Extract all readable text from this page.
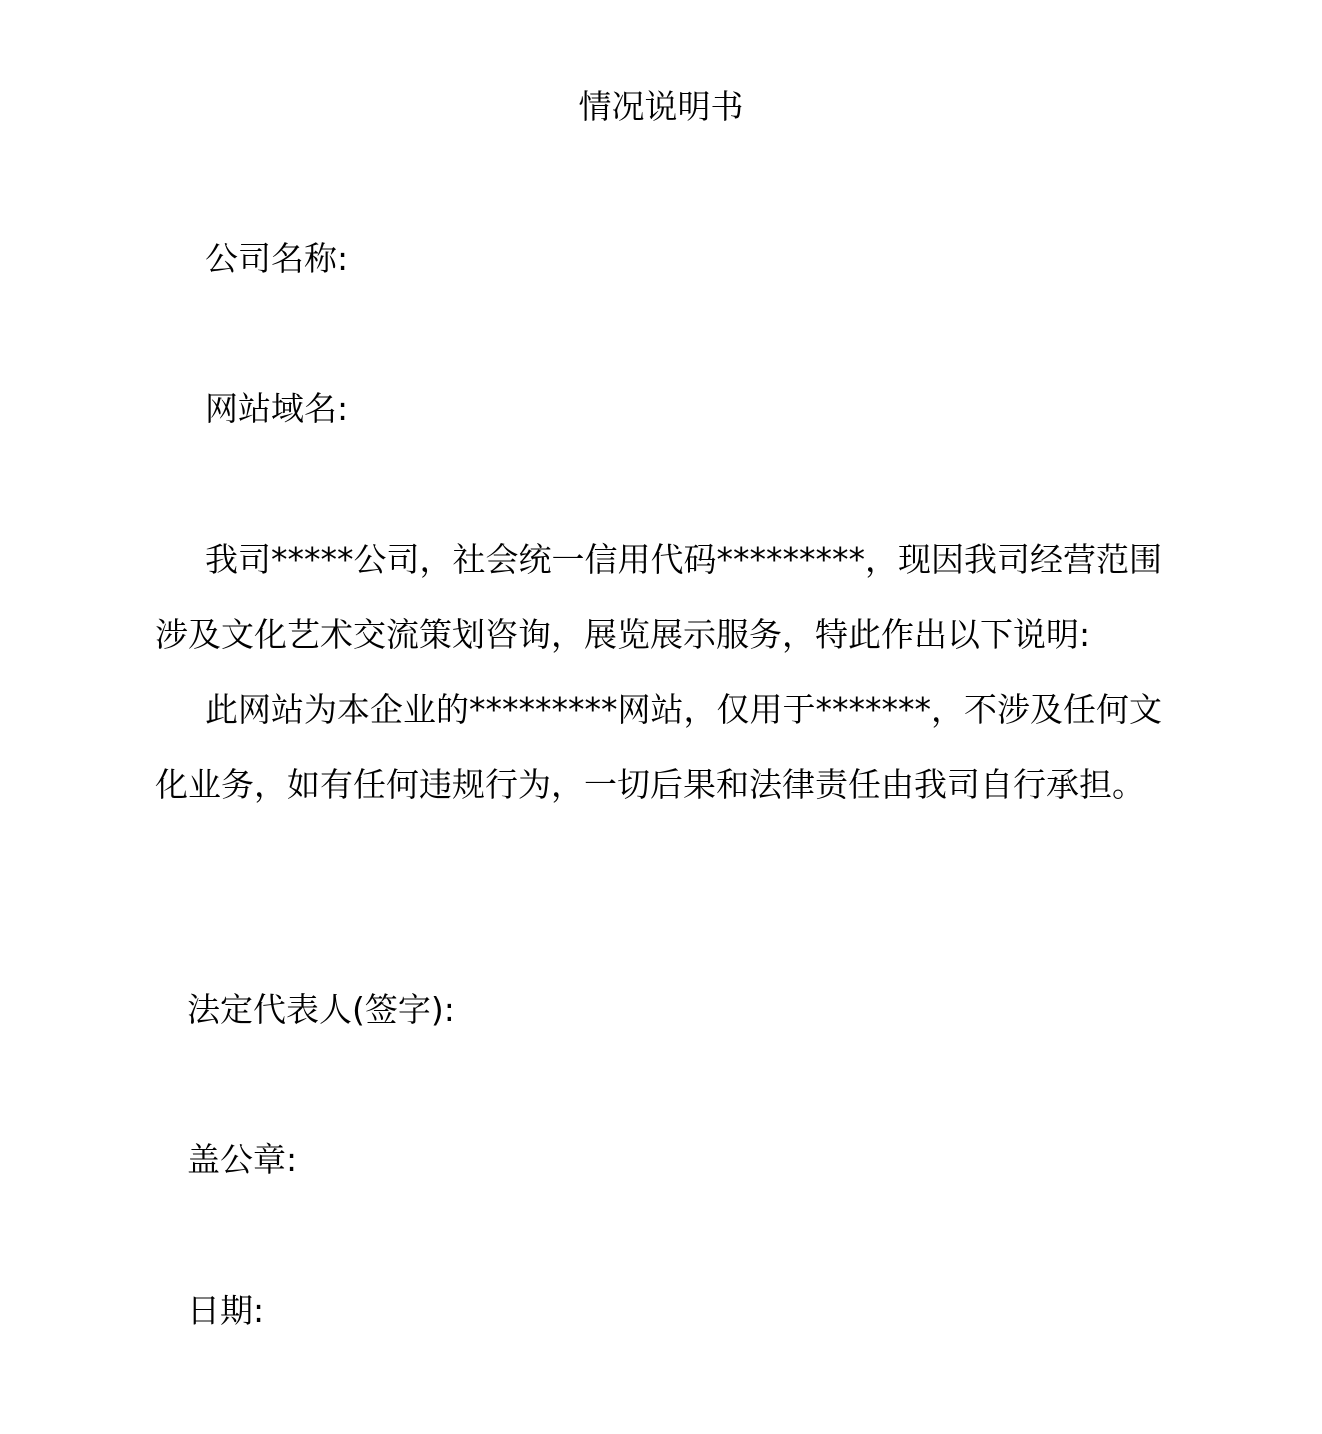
情况说明书
公司名称:
网站域名:
我司*****公司，社会统一信用代码*********，现因我司经营范围
涉及文化艺术交流策划咨询，展览展示服务，特此作出以下说明:
此网站为本企业的*********网站，仅用于*******，不涉及任何文
化业务，如有任何违规行为，一切后果和法律责任由我司自行承担。
法定代表人(签字):
盖公章:
日期:
